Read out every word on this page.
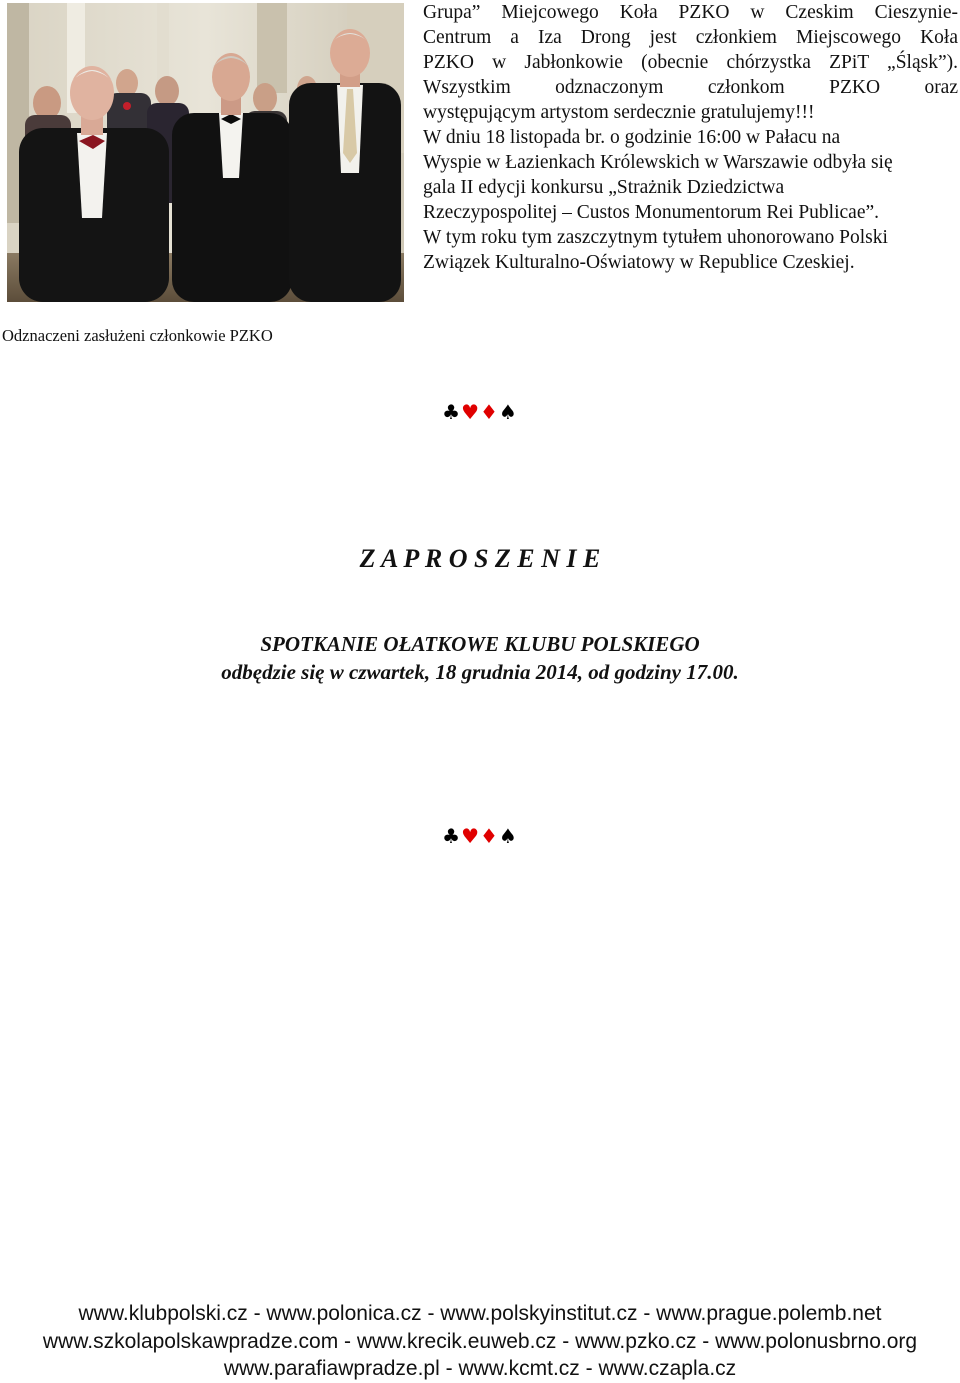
Grupa” Miejcowego Koła PZKO w Czeskim Cieszynie-

Centrum a Iza Drong jest członkiem Miejscowego Koła

PZKO w Jabłonkowie (obecnie chórzystka ZPiT „Śląsk”).

Wszystkim odznaczonym członkom PZKO oraz

występującym artystom serdecznie gratulujemy!!!

W dniu 18 listopada br. o godzinie 16:00 w Pałacu na

Wyspie w Łazienkach Królewskich w Warszawie odbyła się

gala II edycji konkursu „Strażnik Dziedzictwa

Rzeczypospolitej – Custos Monumentorum Rei Publicae”.

W tym roku tym zaszczytnym tytułem uhonorowano Polski

Związek Kulturalno-Oświatowy w Republice Czeskiej.

Odznaczeni zasłużeni członkowie PZKO
♣♥♦♠
Z A P R O S Z E N I E
SPOTKANIE OŁATKOWE KLUBU POLSKIEGO
odbędzie się w czwartek, 18 grudnia 2014, od godziny 17.00.
♣♥♦♠
www.klubpolski.cz - www.polonica.cz - www.polskyinstitut.cz - www.prague.polemb.net
www.szkolapolskawpradze.com - www.krecik.euweb.cz - www.pzko.cz - www.polonusbrno.org
www.parafiawpradze.pl - www.kcmt.cz - www.czapla.cz
